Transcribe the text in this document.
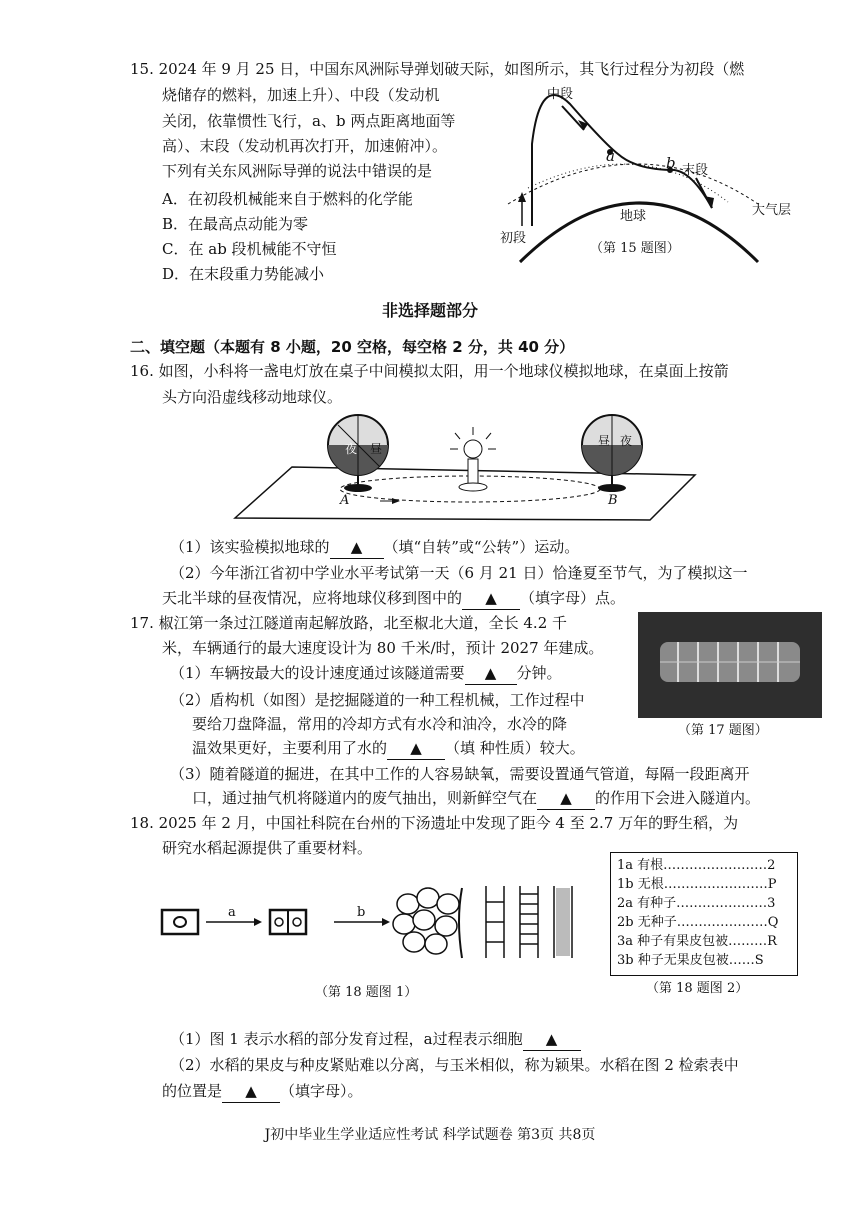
15. 2024 年 9 月 25 日，中国东风洲际导弹划破天际，如图所示，其飞行过程分为初段（燃
烧储存的燃料，加速上升）、中段（发动机
关闭，依靠惯性飞行，a、b 两点距离地面等
高）、末段（发动机再次打开，加速俯冲）。
下列有关东风洲际导弹的说法中错误的是
A．在初段机械能来自于燃料的化学能
B．在最高点动能为零
C．在 ab 段机械能不守恒
D．在末段重力势能减小
中段
a	b 末段
大气层
地球
初段
（第 15 题图）
非选择题部分
二、填空题（本题有 8 小题，20 空格，每空格 2 分，共 40 分）
16. 如图，小科将一盏电灯放在桌子中间模拟太阳，用一个地球仪模拟地球，在桌面上按箭
头方向沿虚线移动地球仪。
夜 昼
昼 夜
A	B
（1）该实验模拟地球的 ▲ （填“自转”或“公转”）运动。
（2）今年浙江省初中学业水平考试第一天（6 月 21 日）恰逢夏至节气，为了模拟这一
天北半球的昼夜情况，应将地球仪移到图中的 ▲ （填字母）点。
17. 椒江第一条过江隧道南起解放路，北至椒北大道，全长 4.2 千
米，车辆通行的最大速度设计为 80 千米/时，预计 2027 年建成。
（1）车辆按最大的设计速度通过该隧道需要 ▲ 分钟。
（2）盾构机（如图）是挖掘隧道的一种工程机械，工作过程中
要给刀盘降温，常用的冷却方式有水冷和油冷，水冷的降
温效果更好，主要利用了水的 ▲ （填 种性质）较大。
（3）随着隧道的掘进，在其中工作的人容易缺氧，需要设置通气管道，每隔一段距离开
口，通过抽气机将隧道内的废气抽出，则新鲜空气在 ▲ 的作用下会进入隧道内。
（第 17 题图）
18. 2025 年 2 月，中国社科院在台州的下汤遗址中发现了距今 4 至 2.7 万年的野生稻，为
研究水稻起源提供了重要材料。
a	b
（第 18 题图 1）
1a 有根……………………2
1b 无根……………………P
2a 有种子…………………3
2b 无种子…………………Q
3a 种子有果皮包被………R
3b 种子无果皮包被……S
（第 18 题图 2）
（1）图 1 表示水稻的部分发育过程，a过程表示细胞 ▲
（2）水稻的果皮与种皮紧贴难以分离，与玉米相似，称为颖果。水稻在图 2 检索表中
的位置是 ▲ （填字母）。
J初中毕业生学业适应性考试 科学试题卷 第3页 共8页
